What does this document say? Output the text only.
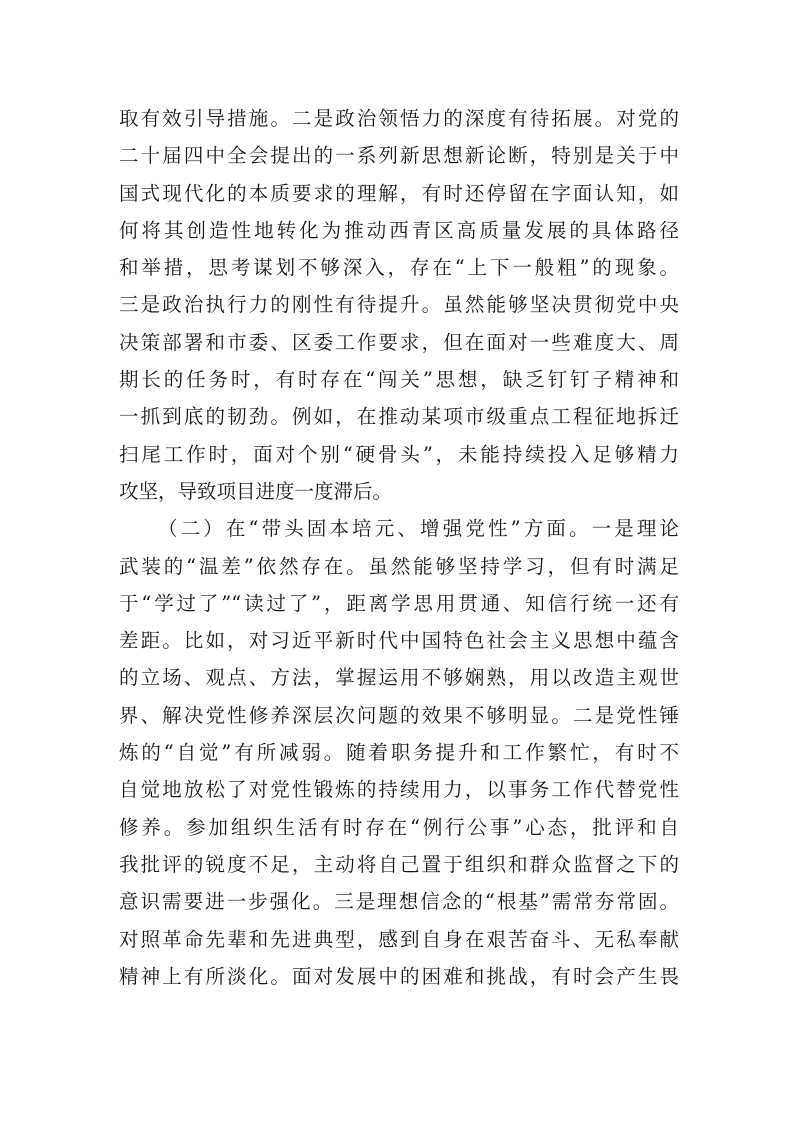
取有效引导措施。二是政治领悟力的深度有待拓展。对党的
二十届四中全会提出的一系列新思想新论断，特别是关于中
国式现代化的本质要求的理解，有时还停留在字面认知，如
何将其创造性地转化为推动西青区高质量发展的具体路径
和举措，思考谋划不够深入，存在“上下一般粗”的现象。
三是政治执行力的刚性有待提升。虽然能够坚决贯彻党中央
决策部署和市委、区委工作要求，但在面对一些难度大、周
期长的任务时，有时存在“闯关”思想，缺乏钉钉子精神和
一抓到底的韧劲。例如，在推动某项市级重点工程征地拆迁
扫尾工作时，面对个别“硬骨头”，未能持续投入足够精力
攻坚，导致项目进度一度滞后。
（二）在“带头固本培元、增强党性”方面。一是理论
武装的“温差”依然存在。虽然能够坚持学习，但有时满足
于“学过了”“读过了”，距离学思用贯通、知信行统一还有
差距。比如，对习近平新时代中国特色社会主义思想中蕴含
的立场、观点、方法，掌握运用不够娴熟，用以改造主观世
界、解决党性修养深层次问题的效果不够明显。二是党性锤
炼的“自觉”有所减弱。随着职务提升和工作繁忙，有时不
自觉地放松了对党性锻炼的持续用力，以事务工作代替党性
修养。参加组织生活有时存在“例行公事”心态，批评和自
我批评的锐度不足，主动将自己置于组织和群众监督之下的
意识需要进一步强化。三是理想信念的“根基”需常夯常固。
对照革命先辈和先进典型，感到自身在艰苦奋斗、无私奉献
精神上有所淡化。面对发展中的困难和挑战，有时会产生畏
